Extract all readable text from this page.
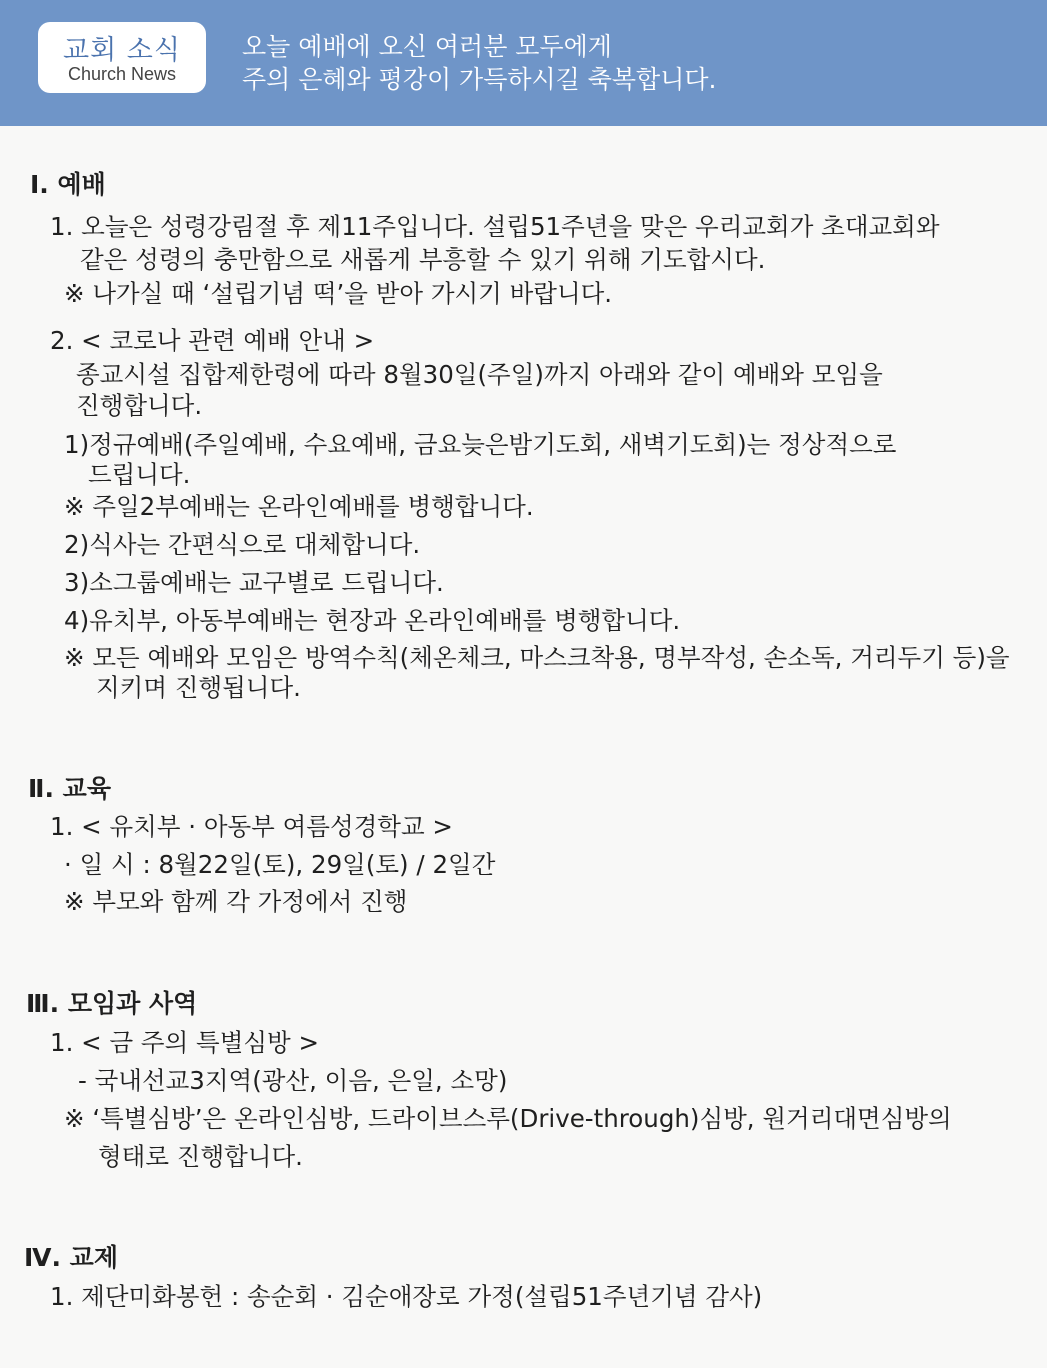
교회 소식
Church News
오늘 예배에 오신 여러분 모두에게
주의 은혜와 평강이 가득하시길 축복합니다.
Ⅰ. 예배
1. 오늘은 성령강림절 후 제11주입니다. 설립51주년을 맞은 우리교회가 초대교회와
같은 성령의 충만함으로 새롭게 부흥할 수 있기 위해 기도합시다.
※ 나가실 때 ‘설립기념 떡’을 받아 가시기 바랍니다.
2. < 코로나 관련 예배 안내 >
종교시설 집합제한령에 따라 8월30일(주일)까지 아래와 같이 예배와 모임을
진행합니다.
1)정규예배(주일예배, 수요예배, 금요늦은밤기도회, 새벽기도회)는 정상적으로
드립니다.
※ 주일2부예배는 온라인예배를 병행합니다.
2)식사는 간편식으로 대체합니다.
3)소그룹예배는 교구별로 드립니다.
4)유치부, 아동부예배는 현장과 온라인예배를 병행합니다.
※ 모든 예배와 모임은 방역수칙(체온체크, 마스크착용, 명부작성, 손소독, 거리두기 등)을
지키며 진행됩니다.
Ⅱ. 교육
1. < 유치부 · 아동부 여름성경학교 >
· 일 시 : 8월22일(토), 29일(토) / 2일간
※ 부모와 함께 각 가정에서 진행
Ⅲ. 모임과 사역
1. < 금 주의 특별심방 >
- 국내선교3지역(광산, 이음, 은일, 소망)
※ ‘특별심방’은 온라인심방, 드라이브스루(Drive-through)심방, 원거리대면심방의
형태로 진행합니다.
Ⅳ. 교제
1. 제단미화봉헌 : 송순회 · 김순애장로 가정(설립51주년기념 감사)
